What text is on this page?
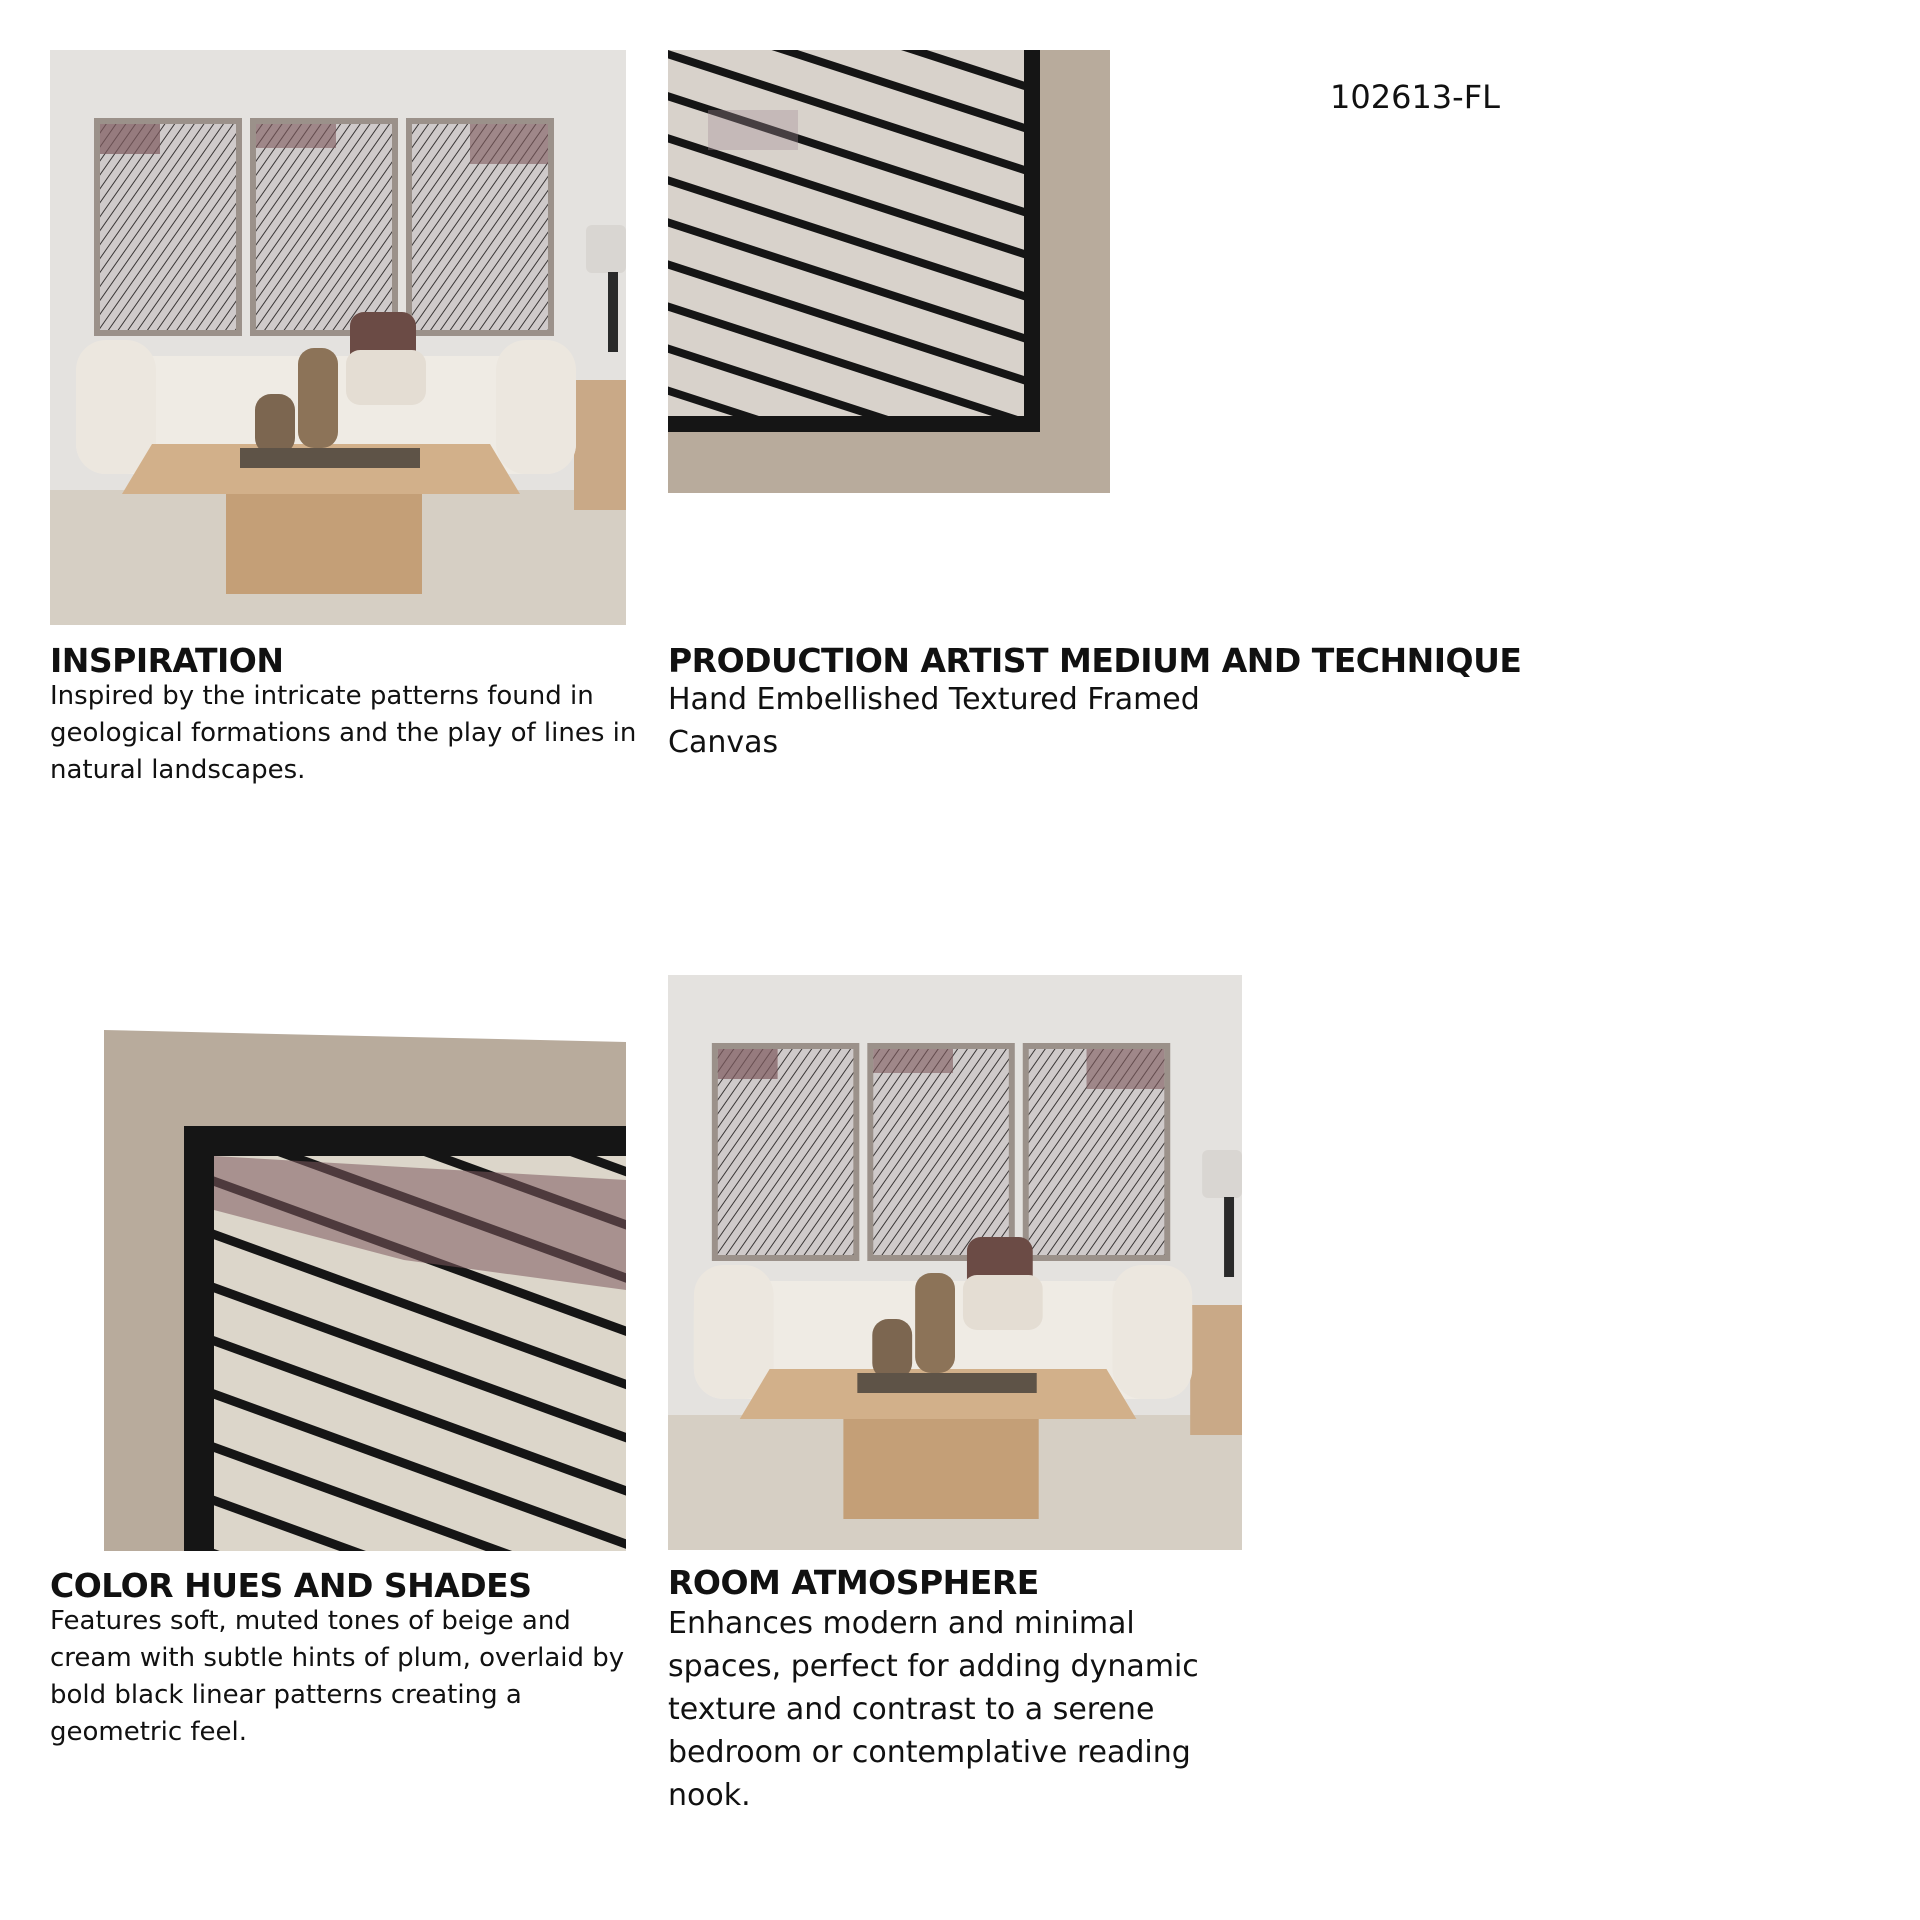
102613-FL
INSPIRATION
Inspired by the intricate patterns found in geological formations and the play of lines in natural landscapes.
PRODUCTION ARTIST MEDIUM AND TECHNIQUE
Hand Embellished Textured Framed
Canvas
COLOR HUES AND SHADES
Features soft, muted tones of beige and cream with subtle hints of plum, overlaid by bold black linear patterns creating a geometric feel.
ROOM ATMOSPHERE
Enhances modern and minimal spaces, perfect for adding dynamic texture and contrast to a serene bedroom or contemplative reading nook.
